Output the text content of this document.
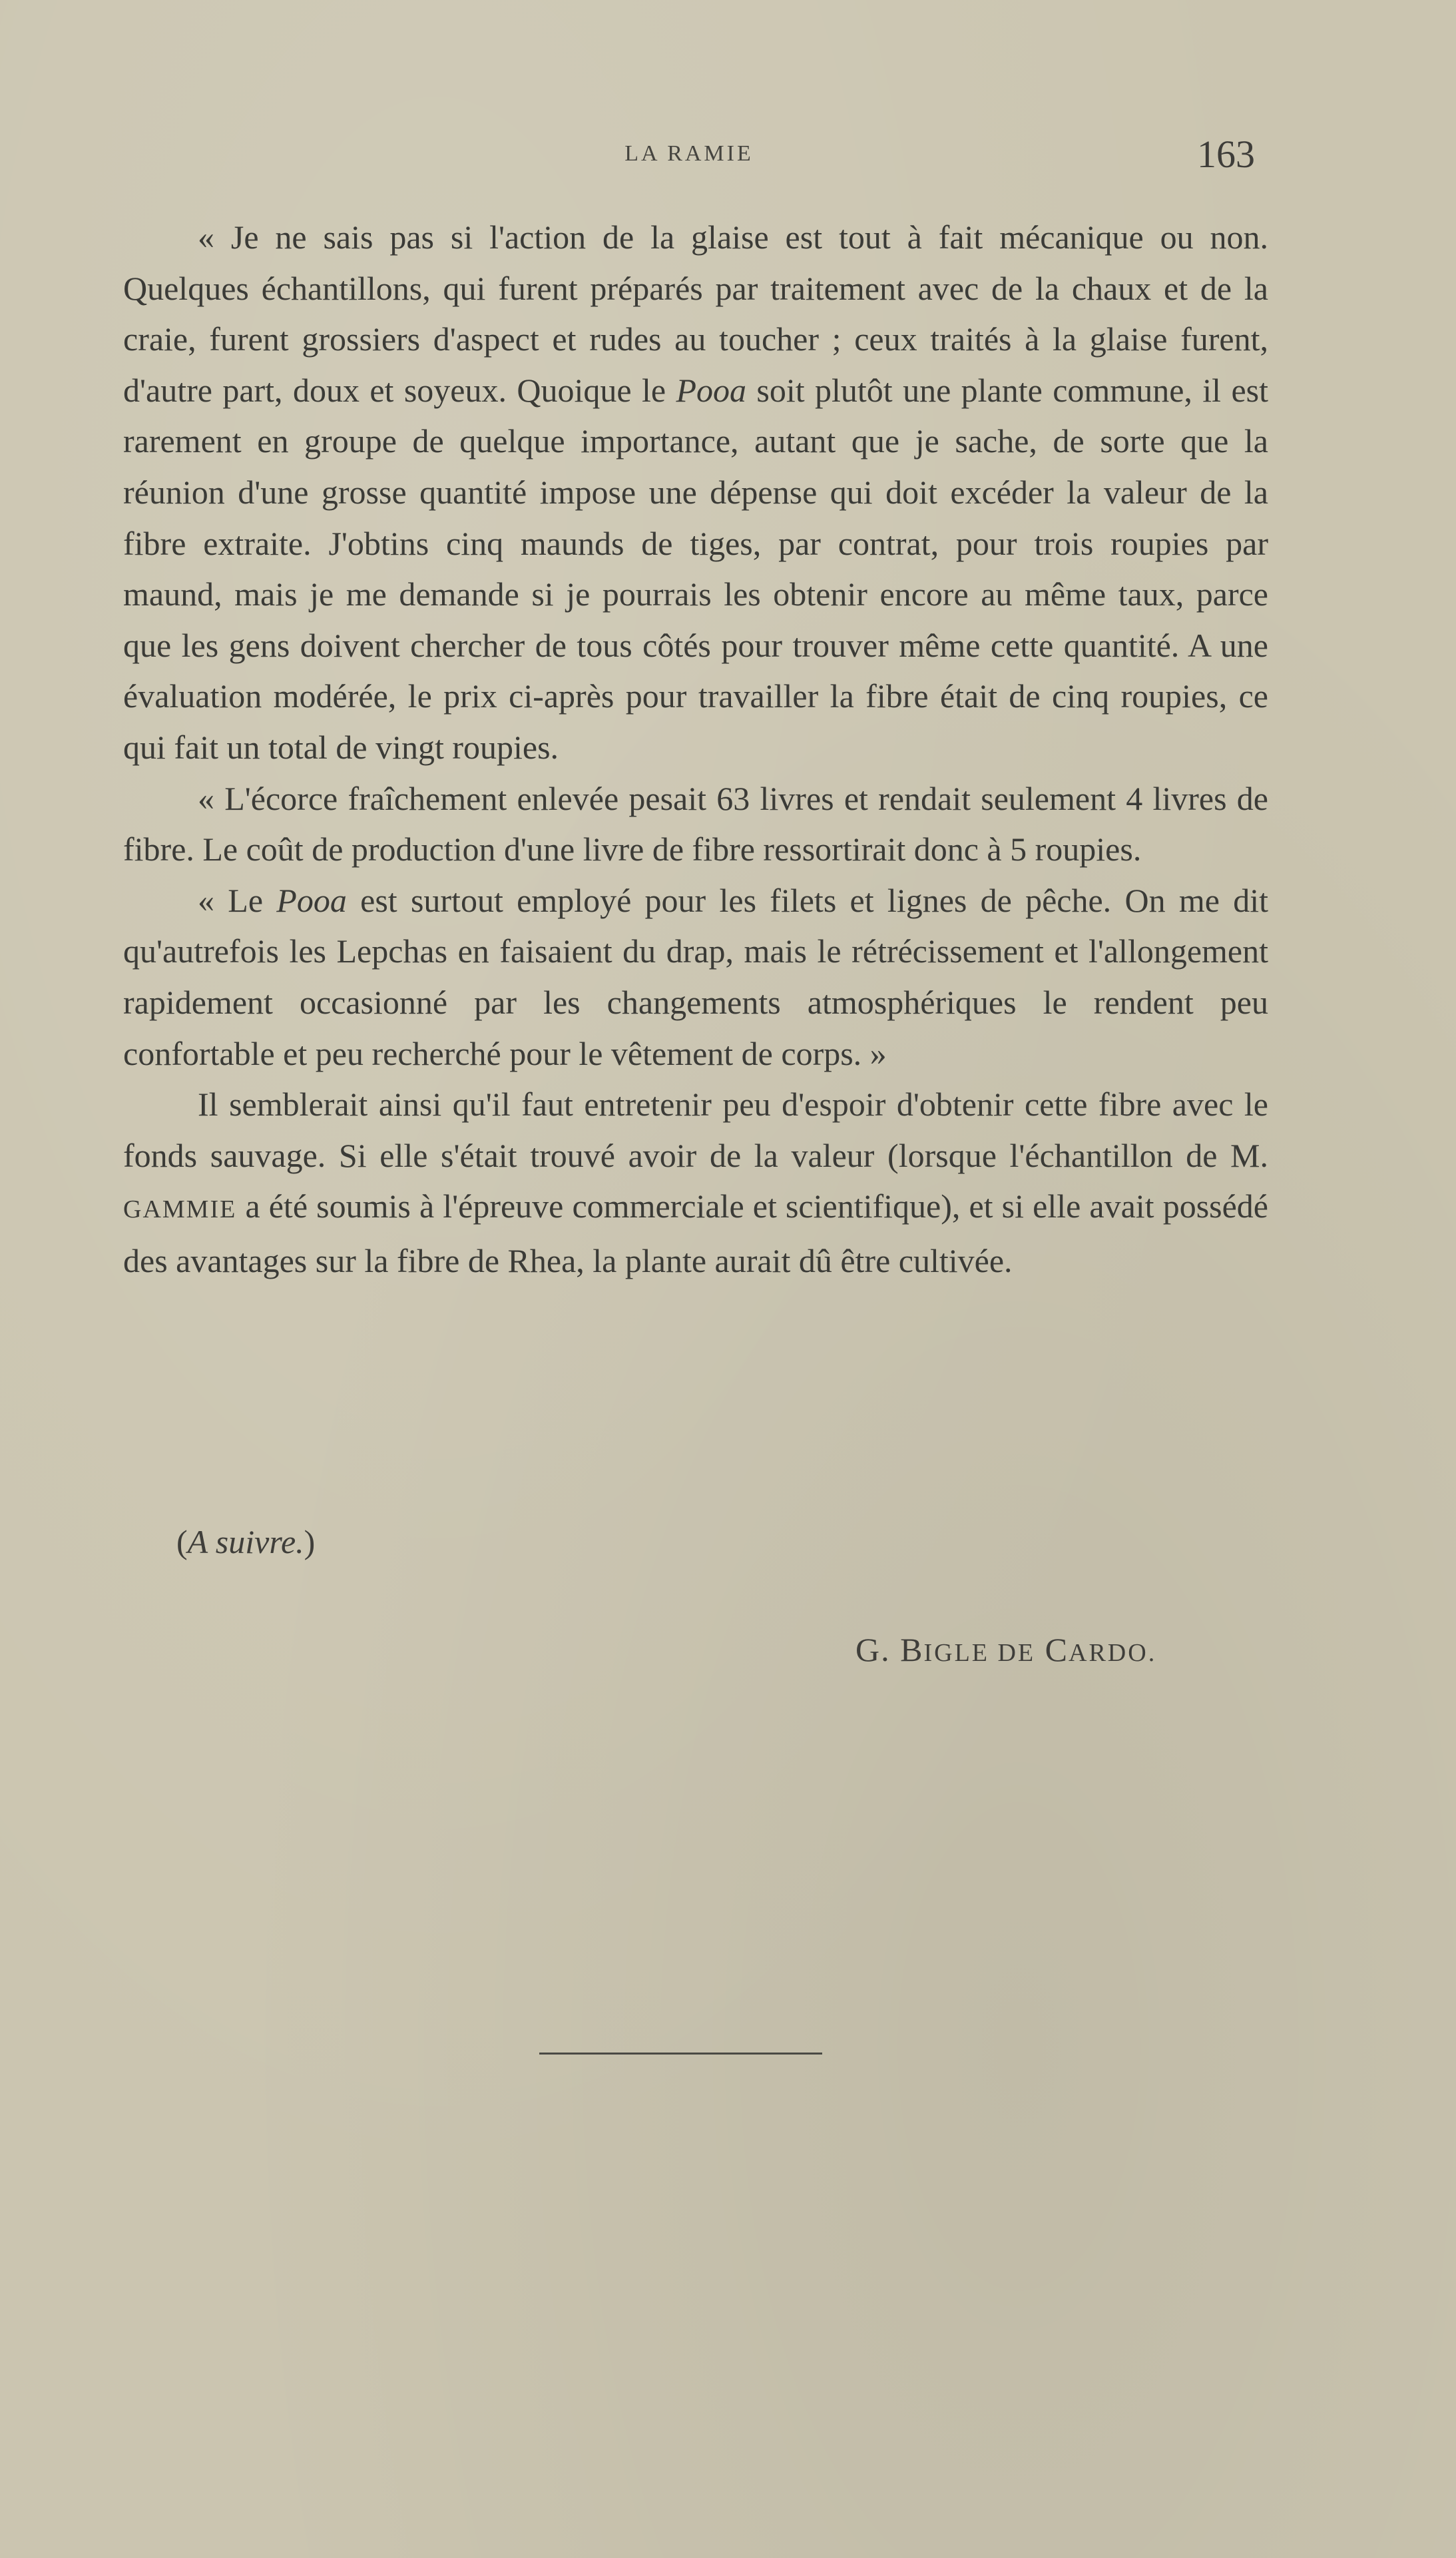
LA RAMIE	163

« Je ne sais pas si l'action de la glaise est tout à fait mécanique ou non. Quelques échantillons, qui furent préparés par traitement avec de la chaux et de la craie, furent grossiers d'aspect et rudes au toucher ; ceux traités à la glaise furent, d'autre part, doux et soyeux. Quoique le Pooa soit plutôt une plante commune, il est rarement en groupe de quelque importance, autant que je sache, de sorte que la réunion d'une grosse quantité impose une dépense qui doit excéder la valeur de la fibre extraite. J'obtins cinq maunds de tiges, par contrat, pour trois roupies par maund, mais je me demande si je pourrais les obtenir encore au même taux, parce que les gens doivent chercher de tous côtés pour trouver même cette quantité. A une évaluation modérée, le prix ci-après pour travailler la fibre était de cinq roupies, ce qui fait un total de vingt roupies.

« L'écorce fraîchement enlevée pesait 63 livres et rendait seulement 4 livres de fibre. Le coût de production d'une livre de fibre ressortirait donc à 5 roupies.

« Le Pooa est surtout employé pour les filets et lignes de pêche. On me dit qu'autrefois les Lepchas en faisaient du drap, mais le rétrécissement et l'allongement rapidement occasionné par les changements atmosphériques le rendent peu confortable et peu recherché pour le vêtement de corps. »

Il semblerait ainsi qu'il faut entretenir peu d'espoir d'obtenir cette fibre avec le fonds sauvage. Si elle s'était trouvé avoir de la valeur (lorsque l'échantillon de M. GAMMIE a été soumis à l'épreuve commerciale et scientifique), et si elle avait possédé des avantages sur la fibre de Rhea, la plante aurait dû être cultivée.

(A suivre.)
G. BIGLE DE CARDO.
